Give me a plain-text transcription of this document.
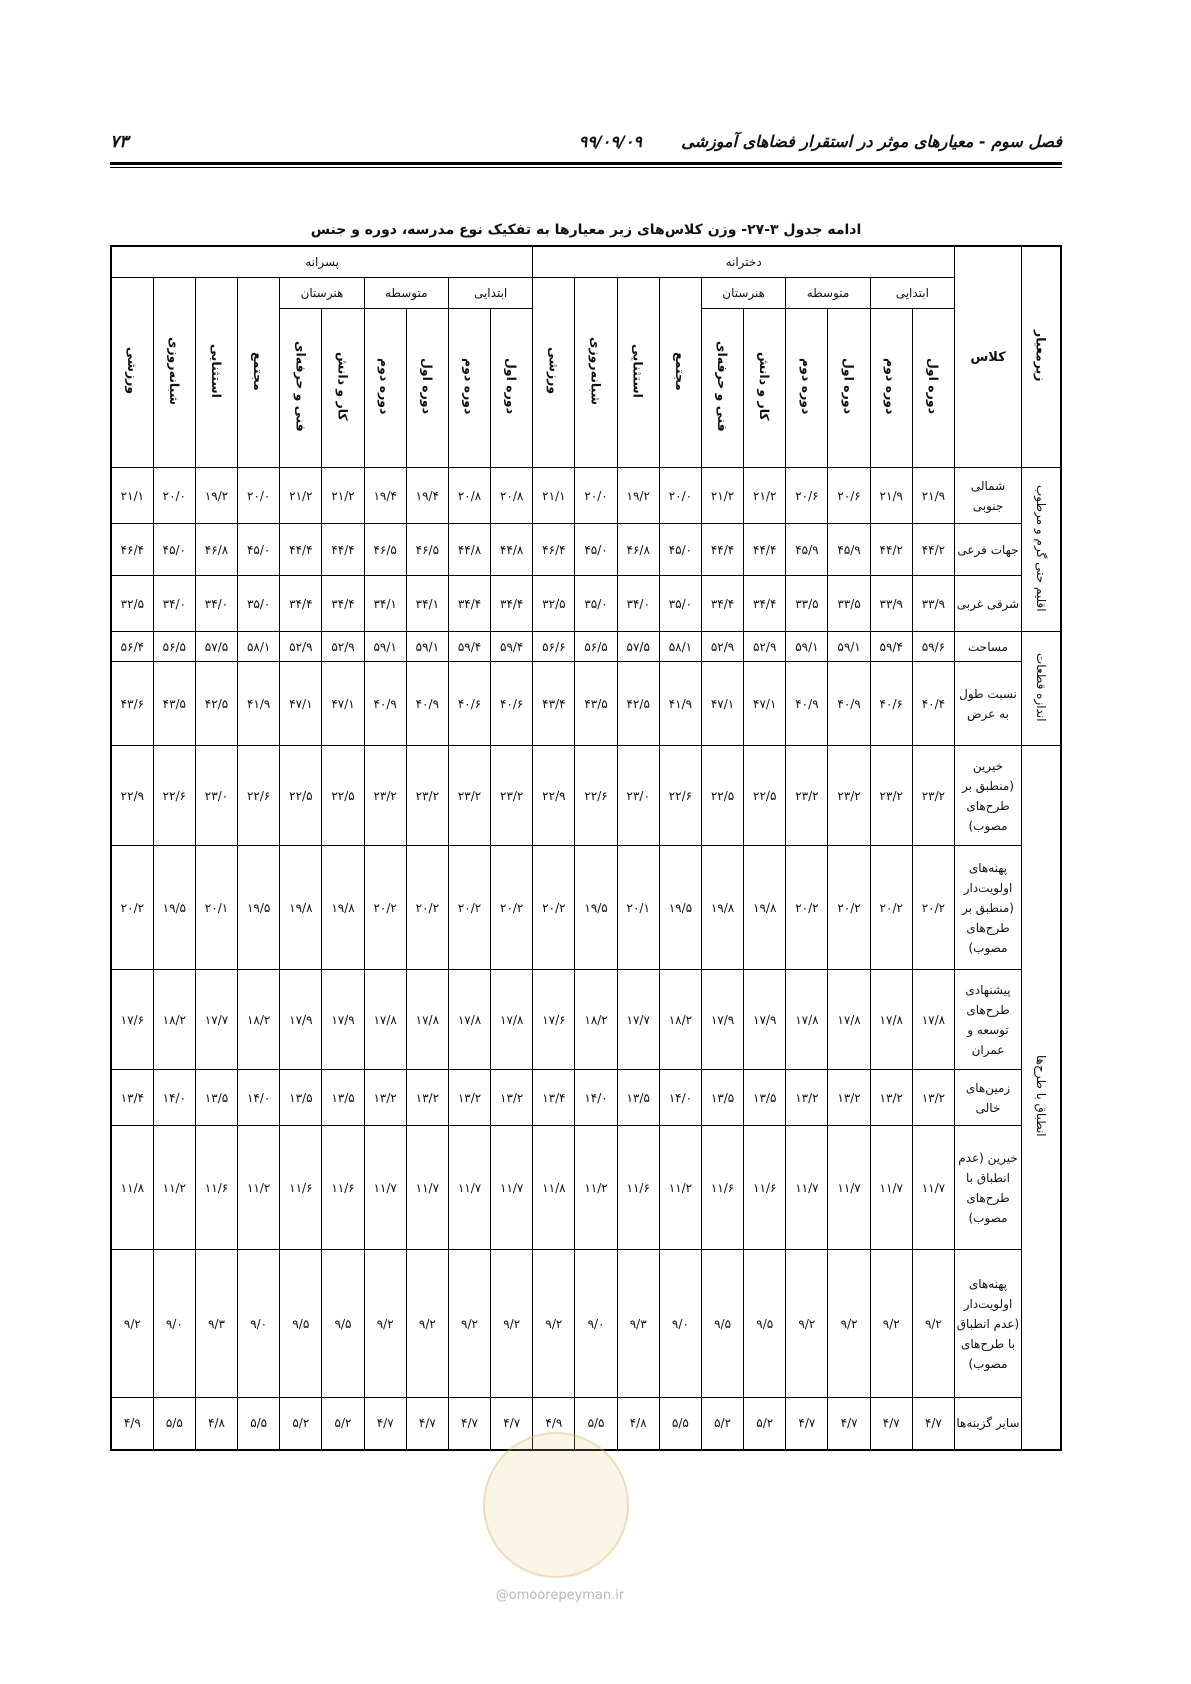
فصل سوم - معیارهای موثر در استقرار فضاهای آموزشی
۹۹/۰۹/۰۹
۷۳
ادامه جدول ۳-۲۷- وزن کلاس‌های زیر معیارها به تفکیک نوع مدرسه، دوره و جنس
زیرمعیار	کلاس	دخترانه										پسرانه									
		ابتدایی		متوسطه		هنرستان		مجتمع	استثنایی	شبانه‌روزی	ورزشی	ابتدایی		متوسطه		هنرستان		مجتمع	استثنایی	شبانه‌روزی	ورزشی
		دوره اول	دوره دوم	دوره اول	دوره دوم	کار و دانش	فنی و حرفه‌ای					دوره اول	دوره دوم	دوره اول	دوره دوم	کار و دانش	فنی و حرفه‌ای				
اقلیم حتی گرم و مرطوب	شمالی جنوبی	۲۱/۹	۲۱/۹	۲۰/۶	۲۰/۶	۲۱/۲	۲۱/۲	۲۰/۰	۱۹/۲	۲۰/۰	۲۱/۱	۲۰/۸	۲۰/۸	۱۹/۴	۱۹/۴	۲۱/۲	۲۱/۲	۲۰/۰	۱۹/۲	۲۰/۰	۲۱/۱
	جهات فرعی	۴۴/۲	۴۴/۲	۴۵/۹	۴۵/۹	۴۴/۴	۴۴/۴	۴۵/۰	۴۶/۸	۴۵/۰	۴۶/۴	۴۴/۸	۴۴/۸	۴۶/۵	۴۶/۵	۴۴/۴	۴۴/۴	۴۵/۰	۴۶/۸	۴۵/۰	۴۶/۴
	شرقی غربی	۳۳/۹	۳۳/۹	۳۳/۵	۳۳/۵	۳۴/۴	۳۴/۴	۳۵/۰	۳۴/۰	۳۵/۰	۳۲/۵	۳۴/۴	۳۴/۴	۳۴/۱	۳۴/۱	۳۴/۴	۳۴/۴	۳۵/۰	۳۴/۰	۳۴/۰	۳۲/۵
اندازه قطعات	مساحت	۵۹/۶	۵۹/۴	۵۹/۱	۵۹/۱	۵۲/۹	۵۲/۹	۵۸/۱	۵۷/۵	۵۶/۵	۵۶/۶	۵۹/۴	۵۹/۴	۵۹/۱	۵۹/۱	۵۲/۹	۵۲/۹	۵۸/۱	۵۷/۵	۵۶/۵	۵۶/۴
	نسبت طول به عرض	۴۰/۴	۴۰/۶	۴۰/۹	۴۰/۹	۴۷/۱	۴۷/۱	۴۱/۹	۴۲/۵	۴۳/۵	۴۳/۴	۴۰/۶	۴۰/۶	۴۰/۹	۴۰/۹	۴۷/۱	۴۷/۱	۴۱/۹	۴۲/۵	۴۳/۵	۴۳/۶
انطباق با طرح‌ها	خیرین (منطبق بر طرح‌های مصوب)	۲۳/۲	۲۳/۲	۲۳/۲	۲۳/۲	۲۲/۵	۲۲/۵	۲۲/۶	۲۳/۰	۲۲/۶	۲۲/۹	۲۳/۲	۲۳/۲	۲۳/۲	۲۳/۲	۲۲/۵	۲۲/۵	۲۲/۶	۲۳/۰	۲۲/۶	۲۲/۹
	پهنه‌های اولویت‌دار (منطبق بر طرح‌های مصوب)	۲۰/۲	۲۰/۲	۲۰/۲	۲۰/۲	۱۹/۸	۱۹/۸	۱۹/۵	۲۰/۱	۱۹/۵	۲۰/۲	۲۰/۲	۲۰/۲	۲۰/۲	۲۰/۲	۱۹/۸	۱۹/۸	۱۹/۵	۲۰/۱	۱۹/۵	۲۰/۲
	پیشنهادی طرح‌های توسعه و عمران	۱۷/۸	۱۷/۸	۱۷/۸	۱۷/۸	۱۷/۹	۱۷/۹	۱۸/۲	۱۷/۷	۱۸/۲	۱۷/۶	۱۷/۸	۱۷/۸	۱۷/۸	۱۷/۸	۱۷/۹	۱۷/۹	۱۸/۲	۱۷/۷	۱۸/۲	۱۷/۶
	زمین‌های خالی	۱۳/۲	۱۳/۲	۱۳/۲	۱۳/۲	۱۳/۵	۱۳/۵	۱۴/۰	۱۳/۵	۱۴/۰	۱۳/۴	۱۳/۲	۱۳/۲	۱۳/۲	۱۳/۲	۱۳/۵	۱۳/۵	۱۴/۰	۱۳/۵	۱۴/۰	۱۳/۴
	خیرین (عدم انطباق با طرح‌های مصوب)	۱۱/۷	۱۱/۷	۱۱/۷	۱۱/۷	۱۱/۶	۱۱/۶	۱۱/۲	۱۱/۶	۱۱/۲	۱۱/۸	۱۱/۷	۱۱/۷	۱۱/۷	۱۱/۷	۱۱/۶	۱۱/۶	۱۱/۲	۱۱/۶	۱۱/۲	۱۱/۸
	پهنه‌های اولویت‌دار (عدم انطباق با طرح‌های مصوب)	۹/۲	۹/۲	۹/۲	۹/۲	۹/۵	۹/۵	۹/۰	۹/۳	۹/۰	۹/۲	۹/۲	۹/۲	۹/۲	۹/۲	۹/۵	۹/۵	۹/۰	۹/۳	۹/۰	۹/۲
	سایر گزینه‌ها	۴/۷	۴/۷	۴/۷	۴/۷	۵/۲	۵/۲	۵/۵	۴/۸	۵/۵	۴/۹	۴/۷	۴/۷	۴/۷	۴/۷	۵/۲	۵/۲	۵/۵	۴/۸	۵/۵	۴/۹
@omoorepeyman.ir
